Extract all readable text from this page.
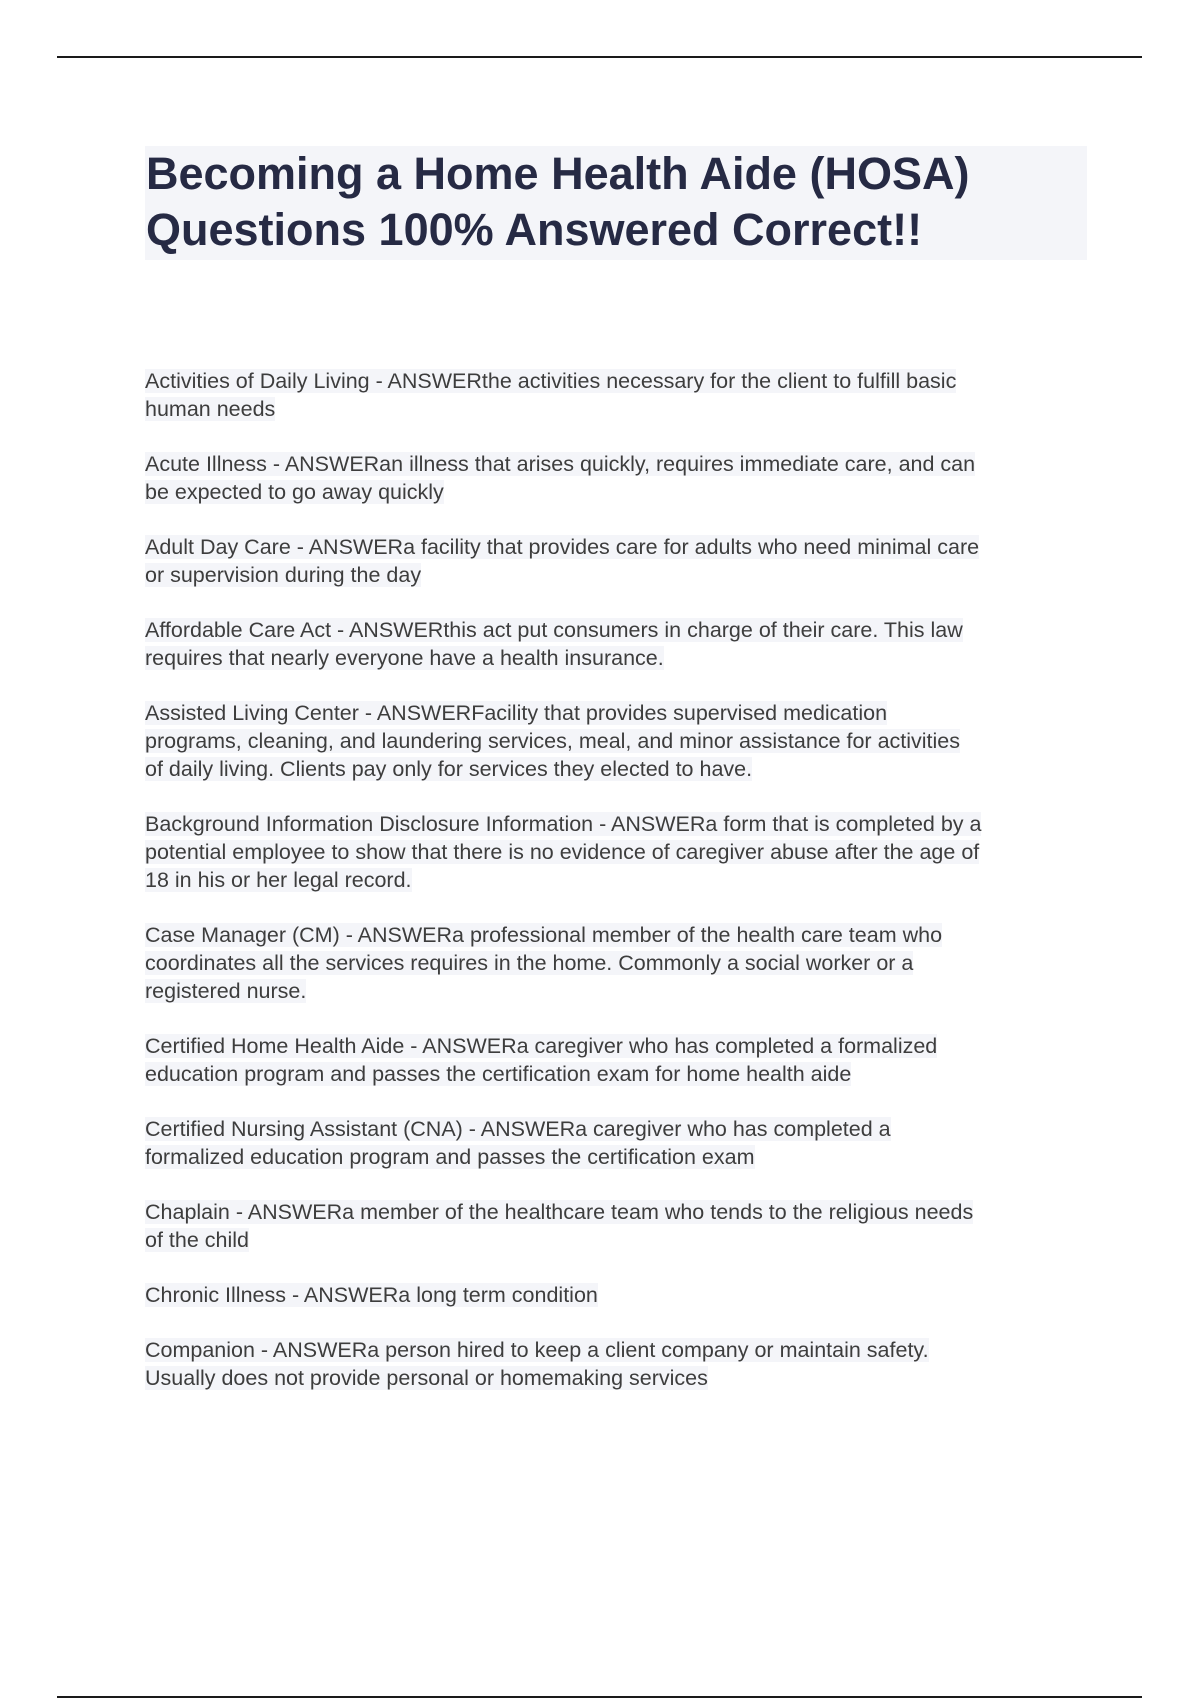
Becoming a Home Health Aide (HOSA)
Questions 100% Answered Correct!!
Activities of Daily Living - ANSWERthe activities necessary for the client to fulfill basic
human needs
Acute Illness - ANSWERan illness that arises quickly, requires immediate care, and can
be expected to go away quickly
Adult Day Care - ANSWERa facility that provides care for adults who need minimal care
or supervision during the day
Affordable Care Act - ANSWERthis act put consumers in charge of their care. This law
requires that nearly everyone have a health insurance.
Assisted Living Center - ANSWERFacility that provides supervised medication
programs, cleaning, and laundering services, meal, and minor assistance for activities
of daily living. Clients pay only for services they elected to have.
Background Information Disclosure Information - ANSWERa form that is completed by a
potential employee to show that there is no evidence of caregiver abuse after the age of
18 in his or her legal record.
Case Manager (CM) - ANSWERa professional member of the health care team who
coordinates all the services requires in the home. Commonly a social worker or a
registered nurse.
Certified Home Health Aide - ANSWERa caregiver who has completed a formalized
education program and passes the certification exam for home health aide
Certified Nursing Assistant (CNA) - ANSWERa caregiver who has completed a
formalized education program and passes the certification exam
Chaplain - ANSWERa member of the healthcare team who tends to the religious needs
of the child
Chronic Illness - ANSWERa long term condition
Companion - ANSWERa person hired to keep a client company or maintain safety.
Usually does not provide personal or homemaking services
